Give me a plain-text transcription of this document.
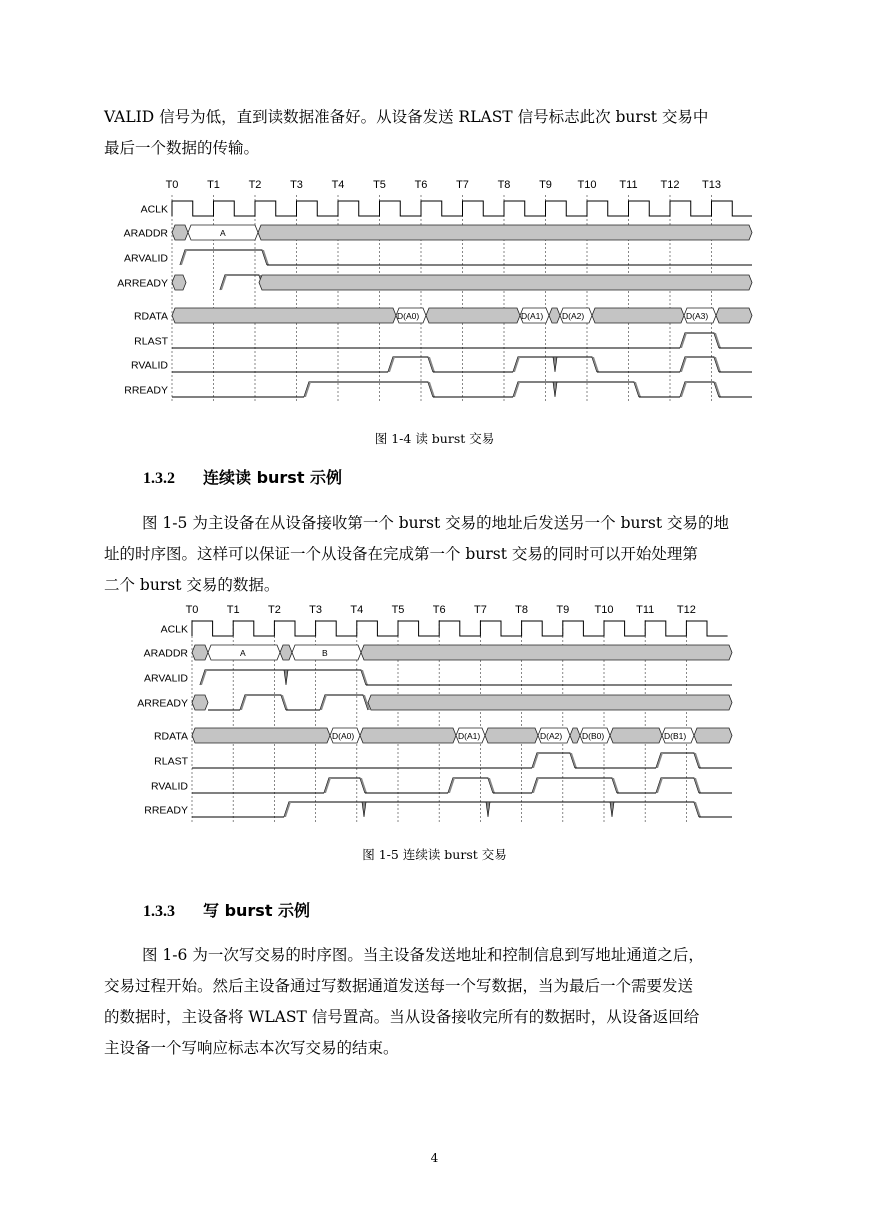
VALID 信号为低，直到读数据准备好。从设备发送 RLAST 信号标志此次 burst 交易中
最后一个数据的传输。

T0	T1	T2	T3	T4	T5	T6	T7	T8	T9 T10 T11 T12 T13
ACLK
ARADDR
ARVALID
ARREADY
RDATA
RLAST
RVALID
RREADY
A
D(A0)	D(A1) D(A2)	D(A3)

图 1-4 读 burst 交易

1.3.2 连续读 burst 示例

图 1-5 为主设备在从设备接收第一个 burst 交易的地址后发送另一个 burst 交易的地
址的时序图。这样可以保证一个从设备在完成第一个 burst 交易的同时可以开始处理第
二个 burst 交易的数据。

T0	T1	T2	T3	T4	T5	T6	T7	T8	T9 T10 T11 T12
ACLK
ARADDR
ARVALID
ARREADY
RDATA
RLAST
RVALID
RREADY
A	B
D(A0)	D(A1)	D(A2) D(B0)	D(B1)

图 1-5 连续读 burst 交易

1.3.3 写 burst 示例

图 1-6 为一次写交易的时序图。当主设备发送地址和控制信息到写地址通道之后，
交易过程开始。然后主设备通过写数据通道发送每一个写数据，当为最后一个需要发送
的数据时，主设备将 WLAST 信号置高。当从设备接收完所有的数据时，从设备返回给
主设备一个写响应标志本次写交易的结束。

4
